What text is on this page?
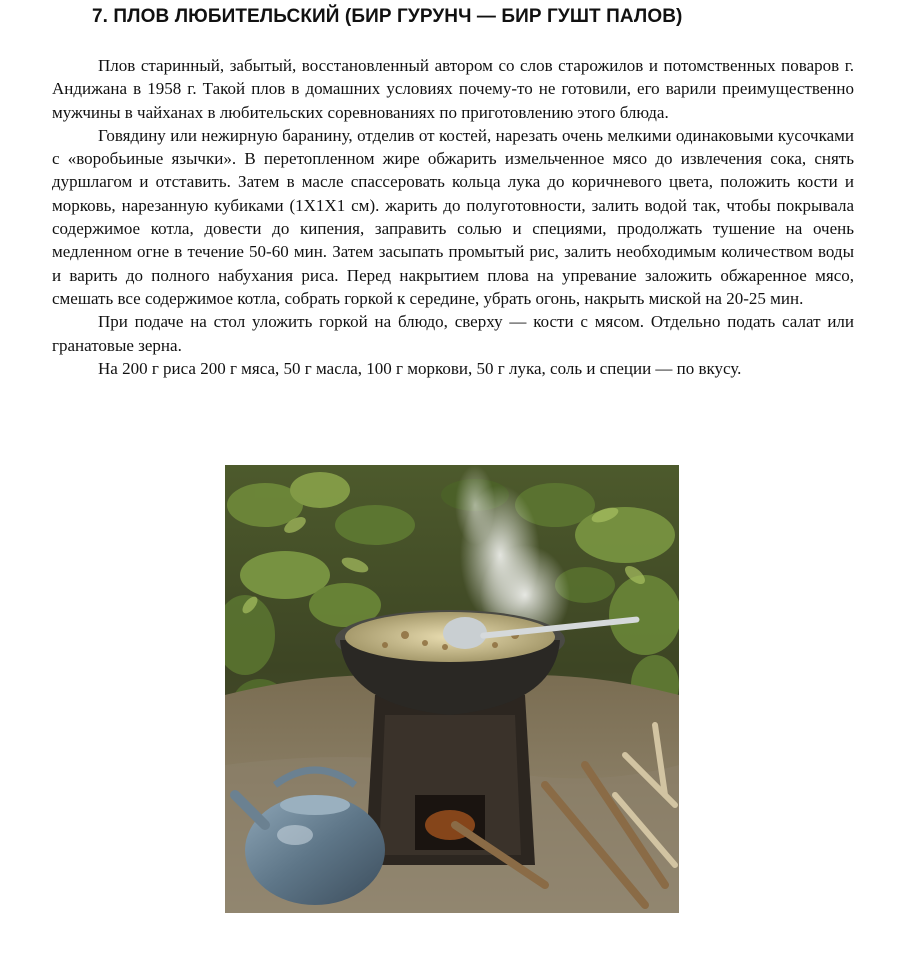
7. ПЛОВ ЛЮБИТЕЛЬСКИЙ (БИР ГУРУНЧ — БИР ГУШТ ПАЛОВ)

Плов старинный, забытый, восстановленный автором со слов старожилов и потомственных поваров г. Андижана в 1958 г. Такой плов в домашних условиях почему-то не готовили, его варили преимущественно мужчины в чайханах в любительских соревнованиях по приготовлению этого блюда.

Говядину или нежирную баранину, отделив от костей, нарезать очень мелкими одинаковыми кусочками с «воробьиные язычки». В перетопленном жире обжарить измельченное мясо до извлечения сока, снять дуршлагом и отставить. Затем в масле спассеровать кольца лука до коричневого цвета, положить кости и морковь, нарезанную кубиками (1Х1Х1 см). жарить до полуготовности, залить водой так, чтобы покрывала содержимое котла, довести до кипения, заправить солью и специями, продолжать тушение на очень медленном огне в течение 50-60 мин. Затем засыпать промытый рис, залить необходимым количеством воды и варить до полного набухания риса. Перед накрытием плова на упревание заложить обжаренное мясо, смешать все содержимое котла, собрать горкой к середине, убрать огонь, накрыть миской на 20-25 мин.

При подаче на стол уложить горкой на блюдо, сверху — кости с мясом. Отдельно подать салат или гранатовые зерна.

На 200 г риса 200 г мяса, 50 г масла, 100 г моркови, 50 г лука, соль и специи — по вкусу.
